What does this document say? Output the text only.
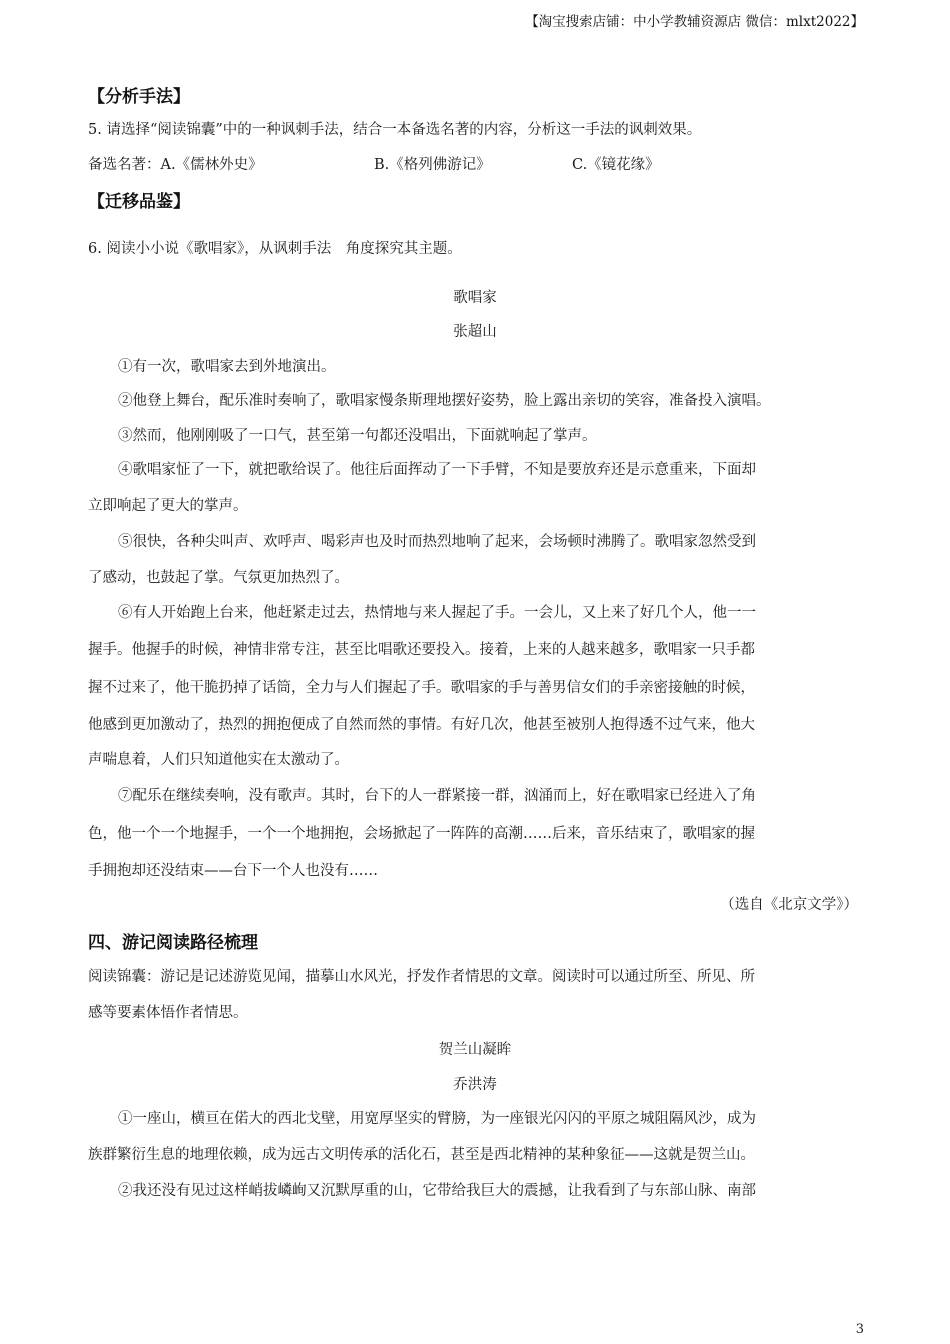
【淘宝搜索店铺：中小学教辅资源店 微信：mlxt2022】
【分析手法】
5. 请选择“阅读锦囊”中的一种讽刺手法，结合一本备选名著的内容，分析这一手法的讽刺效果。
备选名著：A.《儒林外史》	B.《格列佛游记》	C.《镜花缘》
【迁移品鉴】
6. 阅读小小说《歌唱家》，从讽刺手法　角度探究其主题。
歌唱家
张超山
①有一次，歌唱家去到外地演出。
②他登上舞台，配乐准时奏响了，歌唱家慢条斯理地摆好姿势，脸上露出亲切的笑容，准备投入演唱。
③然而，他刚刚吸了一口气，甚至第一句都还没唱出，下面就响起了掌声。
④歌唱家怔了一下，就把歌给误了。他往后面挥动了一下手臂，不知是要放弃还是示意重来，下面却
立即响起了更大的掌声。
⑤很快，各种尖叫声、欢呼声、喝彩声也及时而热烈地响了起来，会场顿时沸腾了。歌唱家忽然受到
了感动，也鼓起了掌。气氛更加热烈了。
⑥有人开始跑上台来，他赶紧走过去，热情地与来人握起了手。一会儿，又上来了好几个人，他一一
握手。他握手的时候，神情非常专注，甚至比唱歌还要投入。接着，上来的人越来越多，歌唱家一只手都
握不过来了，他干脆扔掉了话筒，全力与人们握起了手。歌唱家的手与善男信女们的手亲密接触的时候，
他感到更加激动了，热烈的拥抱便成了自然而然的事情。有好几次，他甚至被别人抱得透不过气来，他大
声喘息着，人们只知道他实在太激动了。
⑦配乐在继续奏响，没有歌声。其时，台下的人一群紧接一群，汹涌而上，好在歌唱家已经进入了角
色，他一个一个地握手，一个一个地拥抱，会场掀起了一阵阵的高潮……后来，音乐结束了，歌唱家的握
手拥抱却还没结束——台下一个人也没有……
（选自《北京文学》）
四、游记阅读路径梳理
阅读锦囊：游记是记述游览见闻，描摹山水风光，抒发作者情思的文章。阅读时可以通过所至、所见、所
感等要素体悟作者情思。
贺兰山凝眸
乔洪涛
①一座山，横亘在偌大的西北戈壁，用宽厚坚实的臂膀，为一座银光闪闪的平原之城阻隔风沙，成为
族群繁衍生息的地理依赖，成为远古文明传承的活化石，甚至是西北精神的某种象征——这就是贺兰山。
②我还没有见过这样峭拔嶙峋又沉默厚重的山，它带给我巨大的震撼，让我看到了与东部山脉、南部
3
